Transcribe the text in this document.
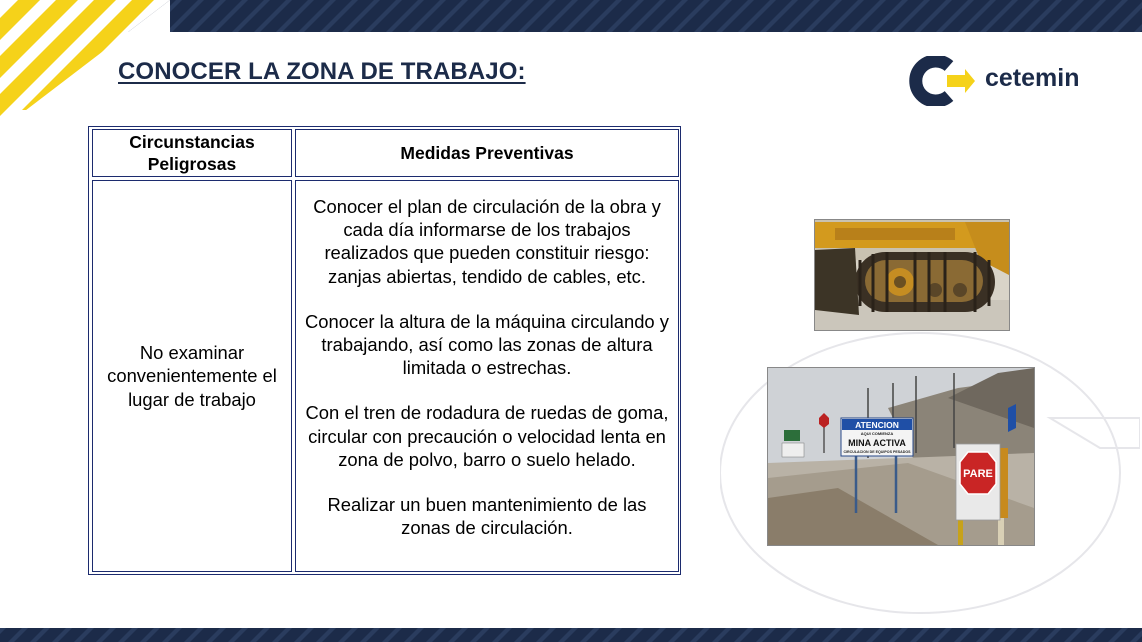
CONOCER LA ZONA DE TRABAJO:	cetemin
Circunstancias Peligrosas
Medidas Preventivas
No examinar convenientemente el lugar de trabajo

Conocer el plan de circulación de la obra y cada día informarse de los trabajos realizados que pueden constituir riesgo: zanjas abiertas, tendido de cables, etc.

Conocer la altura de la máquina circulando y trabajando, así como las zonas de altura limitada o estrechas.

Con el tren de rodadura de ruedas de goma, circular con precaución o velocidad lenta en zona de polvo, barro o suelo helado.

Realizar un buen mantenimiento de las zonas de circulación.

ATENCION
AQUI COMIENZA
MINA ACTIVA
CIRCULACION DE EQUIPOS PESADOS
PARE
